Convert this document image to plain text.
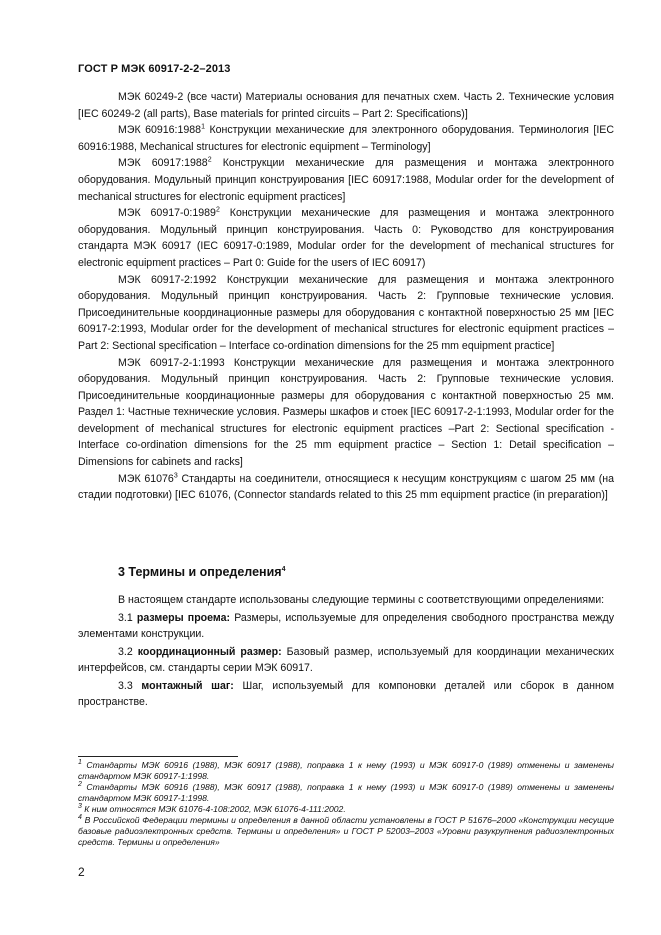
ГОСТ Р МЭК 60917-2-2–2013

МЭК 60249-2 (все части) Материалы основания для печатных схем. Часть 2. Технические условия [IEC 60249-2 (all parts), Base materials for printed circuits – Part 2: Specifications)]

МЭК 60916:1988$^1$ Конструкции механические для электронного оборудования. Терминология [IEC 60916:1988, Mechanical structures for electronic equipment – Terminology]

МЭК 60917:1988$^2$ Конструкции механические для размещения и монтажа электронного оборудования. Модульный принцип конструирования [IEC 60917:1988, Modular order for the development of mechanical structures for electronic equipment practices]

МЭК 60917-0:1989$^2$ Конструкции механические для размещения и монтажа электронного оборудования. Модульный принцип конструирования. Часть 0: Руководство для конструирования стандарта МЭК 60917 (IEC 60917-0:1989, Modular order for the development of mechanical structures for electronic equipment practices – Part 0: Guide for the users of IEC 60917)

МЭК 60917-2:1992 Конструкции механические для размещения и монтажа электронного оборудования. Модульный принцип конструирования. Часть 2: Групповые технические условия. Присоединительные координационные размеры для оборудования с контактной поверхностью 25 мм [IEC 60917-2:1993, Modular order for the development of mechanical structures for electronic equipment practices – Part 2: Sectional specification – Interface co-ordination dimensions for the 25 mm equipment practice]

МЭК 60917-2-1:1993 Конструкции механические для размещения и монтажа электронного оборудования. Модульный принцип конструирования. Часть 2: Групповые технические условия. Присоединительные координационные размеры для оборудования с контактной поверхностью 25 мм. Раздел 1: Частные технические условия. Размеры шкафов и стоек [IEC 60917-2-1:1993, Modular order for the development of mechanical structures for electronic equipment practices –Part 2: Sectional specification - Interface co-ordination dimensions for the 25 mm equipment practice – Section 1: Detail specification – Dimensions for cabinets and racks]

МЭК 61076$^3$ Стандарты на соединители, относящиеся к несущим конструкциям с шагом 25 мм (на стадии подготовки) [IEC 61076, (Connector standards related to this 25 mm equipment practice (in preparation)]

3 Термины и определения$^4$

В настоящем стандарте использованы следующие термины с соответствующими определениями:

3.1 размеры проема: Размеры, используемые для определения свободного пространства между элементами конструкции.

3.2 координационный размер: Базовый размер, используемый для координации механических интерфейсов, см. стандарты серии МЭК 60917.

3.3 монтажный шаг: Шаг, используемый для компоновки деталей или сборок в данном пространстве.

$^1$ Стандарты МЭК 60916 (1988), МЭК 60917 (1988), поправка 1 к нему (1993) и МЭК 60917-0 (1989) отменены и заменены стандартом МЭК 60917-1:1998.

$^2$ Стандарты МЭК 60916 (1988), МЭК 60917 (1988), поправка 1 к нему (1993) и МЭК 60917-0 (1989) отменены и заменены стандартом МЭК 60917-1:1998.

$^3$ К ним относятся МЭК 61076-4-108:2002, МЭК 61076-4-111:2002.

$^4$ В Российской Федерации термины и определения в данной области установлены в ГОСТ Р 51676–2000 «Конструкции несущие базовые радиоэлектронных средств. Термины и определения» и ГОСТ Р 52003–2003 «Уровни разукрупнения радиоэлектронных средств. Термины и определения»

2
